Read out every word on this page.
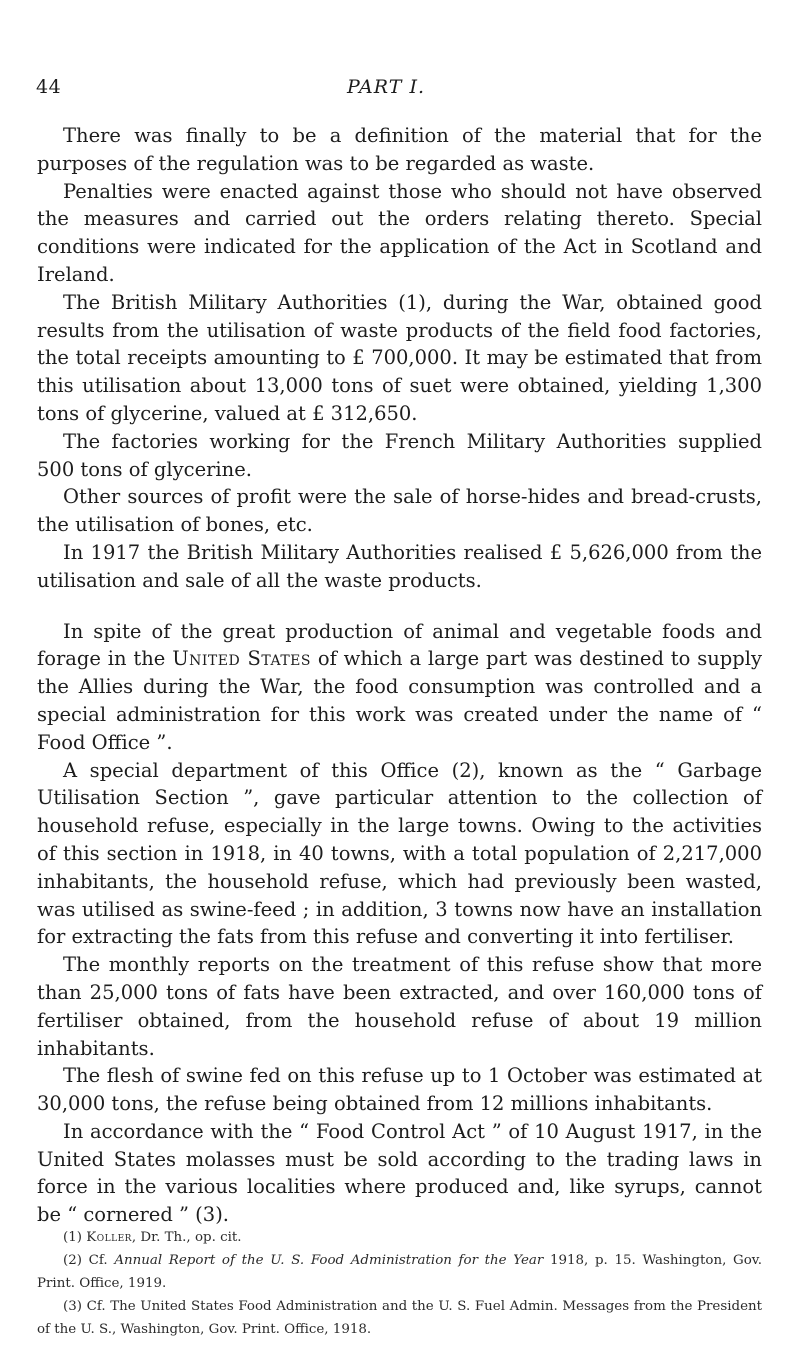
44	PART I.

There was finally to be a definition of the material that for the purposes of the regulation was to be regarded as waste.

Penalties were enacted against those who should not have observed the measures and carried out the orders relating thereto. Special conditions were indicated for the application of the Act in Scotland and Ireland.

The British Military Authorities (1), during the War, obtained good results from the utilisation of waste products of the field food factories, the total receipts amounting to £ 700,000. It may be estimated that from this utilisation about 13,000 tons of suet were obtained, yielding 1,300 tons of glycerine, valued at £ 312,650.

The factories working for the French Military Authorities supplied 500 tons of glycerine.

Other sources of profit were the sale of horse-hides and bread-crusts, the utilisation of bones, etc.

In 1917 the British Military Authorities realised £ 5,626,000 from the utilisation and sale of all the waste products.

In spite of the great production of animal and vegetable foods and forage in the United States of which a large part was destined to supply the Allies during the War, the food consumption was controlled and a special administration for this work was created under the name of “ Food Office ”.

A special department of this Office (2), known as the “ Garbage Utilisation Section ”, gave particular attention to the collection of household refuse, especially in the large towns. Owing to the activities of this section in 1918, in 40 towns, with a total population of 2,217,000 inhabitants, the household refuse, which had previously been wasted, was utilised as swine-feed ; in addition, 3 towns now have an installation for extracting the fats from this refuse and converting it into fertiliser.

The monthly reports on the treatment of this refuse show that more than 25,000 tons of fats have been extracted, and over 160,000 tons of fertiliser obtained, from the household refuse of about 19 million inhabitants.

The flesh of swine fed on this refuse up to 1 October was estimated at 30,000 tons, the refuse being obtained from 12 millions inhabitants.

In accordance with the “ Food Control Act ” of 10 August 1917, in the United States molasses must be sold according to the trading laws in force in the various localities where produced and, like syrups, cannot be “ cornered ” (3).

(1) Koller, Dr. Th., op. cit.

(2) Cf. Annual Report of the U. S. Food Administration for the Year 1918, p. 15. Washington, Gov. Print. Office, 1919.

(3) Cf. The United States Food Administration and the U. S. Fuel Admin. Messages from the President of the U. S., Washington, Gov. Print. Office, 1918.
